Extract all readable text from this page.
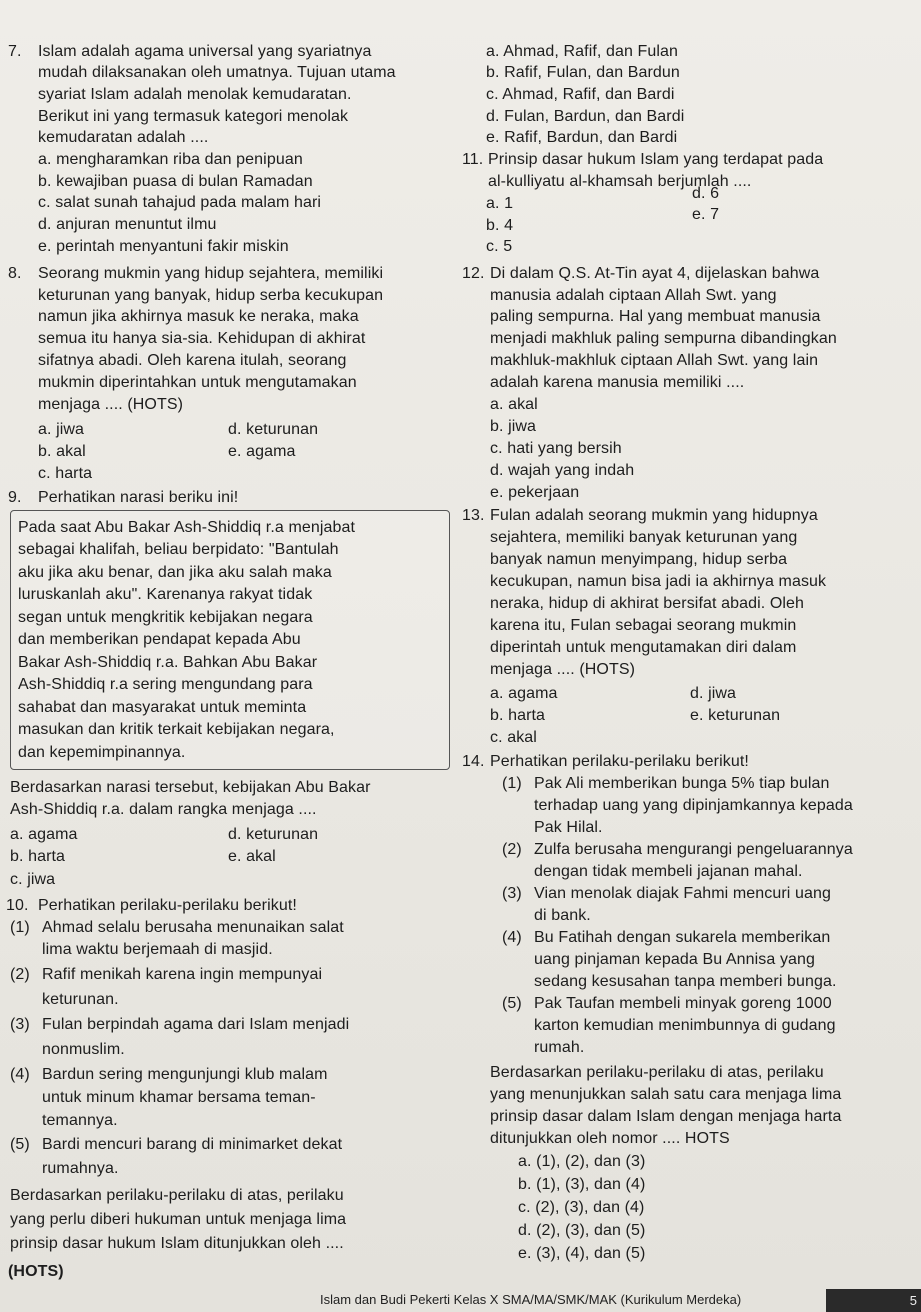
7. Islam adalah agama universal yang syariatnya
mudah dilaksanakan oleh umatnya. Tujuan utama
syariat Islam adalah menolak kemudaratan.
Berikut ini yang termasuk kategori menolak
kemudaratan adalah ....
a. mengharamkan riba dan penipuan
b. kewajiban puasa di bulan Ramadan
c. salat sunah tahajud pada malam hari
d. anjuran menuntut ilmu
e. perintah menyantuni fakir miskin
8. Seorang mukmin yang hidup sejahtera, memiliki
keturunan yang banyak, hidup serba kecukupan
namun jika akhirnya masuk ke neraka, maka
semua itu hanya sia-sia. Kehidupan di akhirat
sifatnya abadi. Oleh karena itulah, seorang
mukmin diperintahkan untuk mengutamakan
menjaga .... (HOTS)
a. jiwa	d. keturunan
b. akal	e. agama
c. harta
9. Perhatikan narasi beriku ini!
Pada saat Abu Bakar Ash-Shiddiq r.a menjabat
sebagai khalifah, beliau berpidato: "Bantulah
aku jika aku benar, dan jika aku salah maka
luruskanlah aku". Karenanya rakyat tidak
segan untuk mengkritik kebijakan negara
dan memberikan pendapat kepada Abu
Bakar Ash-Shiddiq r.a. Bahkan Abu Bakar
Ash-Shiddiq r.a sering mengundang para
sahabat dan masyarakat untuk meminta
masukan dan kritik terkait kebijakan negara,
dan kepemimpinannya.
Berdasarkan narasi tersebut, kebijakan Abu Bakar
Ash-Shiddiq r.a. dalam rangka menjaga ....
a. agama	d. keturunan
b. harta	e. akal
c. jiwa
10. Perhatikan perilaku-perilaku berikut!
(1) Ahmad selalu berusaha menunaikan salat
lima waktu berjemaah di masjid.
(2) Rafif menikah karena ingin mempunyai
keturunan.
(3) Fulan berpindah agama dari Islam menjadi
nonmuslim.
(4) Bardun sering mengunjungi klub malam
untuk minum khamar bersama teman-
temannya.
(5) Bardi mencuri barang di minimarket dekat
rumahnya.
Berdasarkan perilaku-perilaku di atas, perilaku
yang perlu diberi hukuman untuk menjaga lima
prinsip dasar hukum Islam ditunjukkan oleh ....
(HOTS)
a. Ahmad, Rafif, dan Fulan
b. Rafif, Fulan, dan Bardun
c. Ahmad, Rafif, dan Bardi
d. Fulan, Bardun, dan Bardi
e. Rafif, Bardun, dan Bardi
11. Prinsip dasar hukum Islam yang terdapat pada
al-kulliyatu al-khamsah berjumlah ....
a. 1
d. 6
b. 4
e. 7
c. 5
12. Di dalam Q.S. At-Tin ayat 4, dijelaskan bahwa
manusia adalah ciptaan Allah Swt. yang
paling sempurna. Hal yang membuat manusia
menjadi makhluk paling sempurna dibandingkan
makhluk-makhluk ciptaan Allah Swt. yang lain
adalah karena manusia memiliki ....
a. akal
b. jiwa
c. hati yang bersih
d. wajah yang indah
e. pekerjaan
13. Fulan adalah seorang mukmin yang hidupnya
sejahtera, memiliki banyak keturunan yang
banyak namun menyimpang, hidup serba
kecukupan, namun bisa jadi ia akhirnya masuk
neraka, hidup di akhirat bersifat abadi. Oleh
karena itu, Fulan sebagai seorang mukmin
diperintah untuk mengutamakan diri dalam
menjaga .... (HOTS)
a. agama	d. jiwa
b. harta	e. keturunan
c. akal
14. Perhatikan perilaku-perilaku berikut!
(1) Pak Ali memberikan bunga 5% tiap bulan
terhadap uang yang dipinjamkannya kepada
Pak Hilal.
(2) Zulfa berusaha mengurangi pengeluarannya
dengan tidak membeli jajanan mahal.
(3) Vian menolak diajak Fahmi mencuri uang
di bank.
(4) Bu Fatihah dengan sukarela memberikan
uang pinjaman kepada Bu Annisa yang
sedang kesusahan tanpa memberi bunga.
(5) Pak Taufan membeli minyak goreng 1000
karton kemudian menimbunnya di gudang
rumah.
Berdasarkan perilaku-perilaku di atas, perilaku
yang menunjukkan salah satu cara menjaga lima
prinsip dasar dalam Islam dengan menjaga harta
ditunjukkan oleh nomor .... HOTS
a. (1), (2), dan (3)
b. (1), (3), dan (4)
c. (2), (3), dan (4)
d. (2), (3), dan (5)
e. (3), (4), dan (5)
Islam dan Budi Pekerti Kelas X SMA/MA/SMK/MAK (Kurikulum Merdeka)	5
